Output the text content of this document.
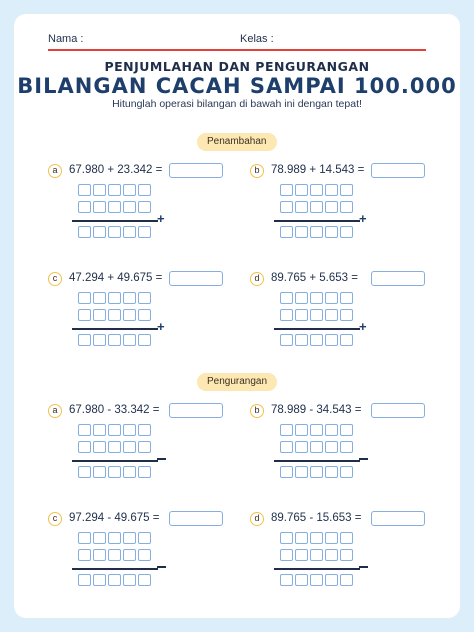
Nama :	Kelas :
PENJUMLAHAN DAN PENGURANGAN
BILANGAN CACAH SAMPAI 100.000
Hitunglah operasi bilangan di bawah ini dengan tepat!
Penambahan
a	67.980 + 23.342 =
+
b	78.989 + 14.543 =
+
c	47.294 + 49.675 =
+
d	89.765 + 5.653 =
+
Pengurangan
a	67.980 - 33.342 =	b	78.989 - 34.543 =
c	97.294 - 49.675 =	d	89.765 - 15.653 =
